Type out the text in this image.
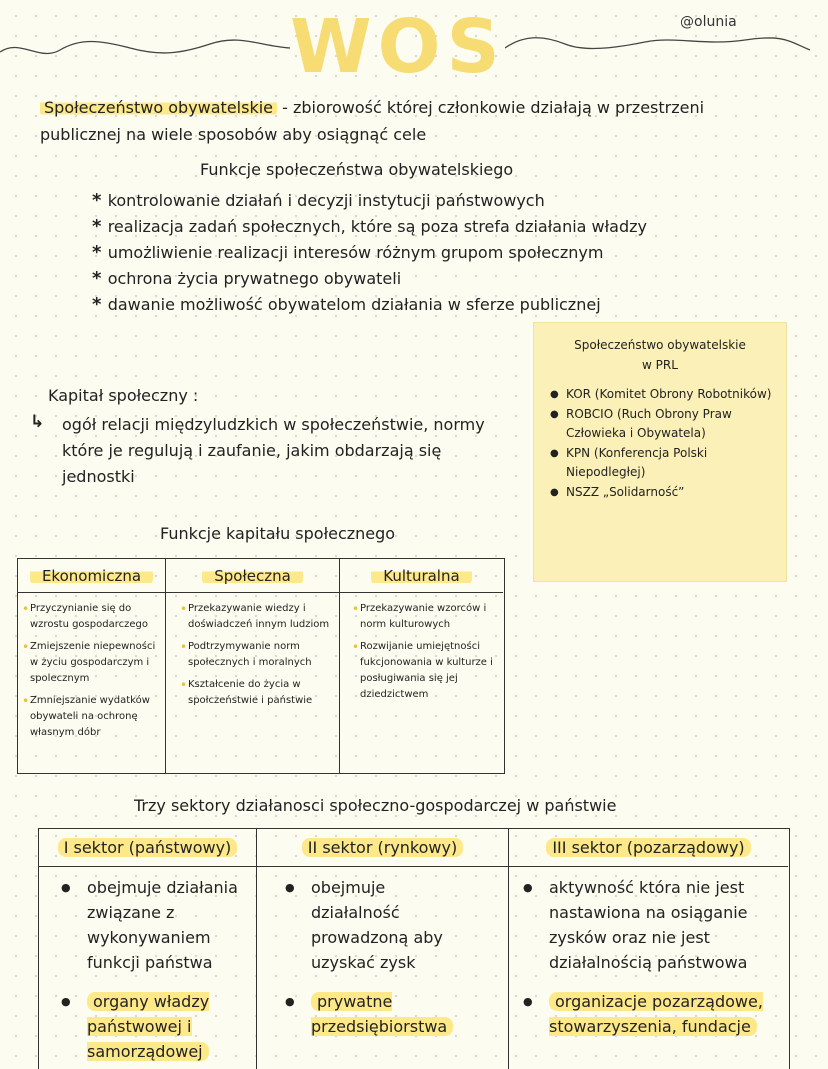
WOS	@olunia
Społeczeństwo obywatelskie - zbiorowość której członkowie działają w przestrzeni publicznej na wiele sposobów aby osiągnąć cele
Funkcje społeczeństwa obywatelskiego
* kontrolowanie działań i decyzji instytucji państwowych
* realizacja zadań społecznych, które są poza strefa działania władzy
* umożliwienie realizacji interesów różnym grupom społecznym
* ochrona życia prywatnego obywateli
* dawanie możliwość obywatelom działania w sferze publicznej
Społeczeństwo obywatelskie
w PRL
● KOR (Komitet Obrony Robotników)
● ROBCIO (Ruch Obrony Praw Człowieka i Obywatela)
● KPN (Konferencja Polski Niepodległej)
● NSZZ „Solidarność”
Kapitał społeczny :
↳ ogół relacji międzyludzkich w społeczeństwie, normy które je regulują i zaufanie, jakim obdarzają się jednostki
Funkcje kapitału społecznego
Ekonomiczna
• Przyczynianie się do wzrostu gospodarczego
• Zmiejszenie niepewności w życiu gospodarczym i spolecznym
• Zmniejszanie wydatków obywateli na ochronę własnym dóbr
Społeczna
• Przekazywanie wiedzy i doświadczeń innym ludziom
• Podtrzymywanie norm społecznych i moralnych
• Kształcenie do życia w społczeństwie i państwie
Kulturalna
• Przekazywanie wzorców i norm kulturowych
• Rozwijanie umiejętności fukcjonowania w kulturze i posługiwania się jej dziedzictwem
Trzy sektory działanosci społeczno-gospodarczej w państwie
I sektor (państwowy)
● obejmuje działania związane z wykonywaniem funkcji państwa
● organy władzy państwowej i samorządowej
II sektor (rynkowy)
● obejmuje działalność prowadzoną aby uzyskać zysk
● prywatne przedsiębiorstwa
III sektor (pozarządowy)
● aktywność która nie jest nastawiona na osiąganie zysków oraz nie jest działalnością państwowa
● organizacje pozarządowe, stowarzyszenia, fundacje
